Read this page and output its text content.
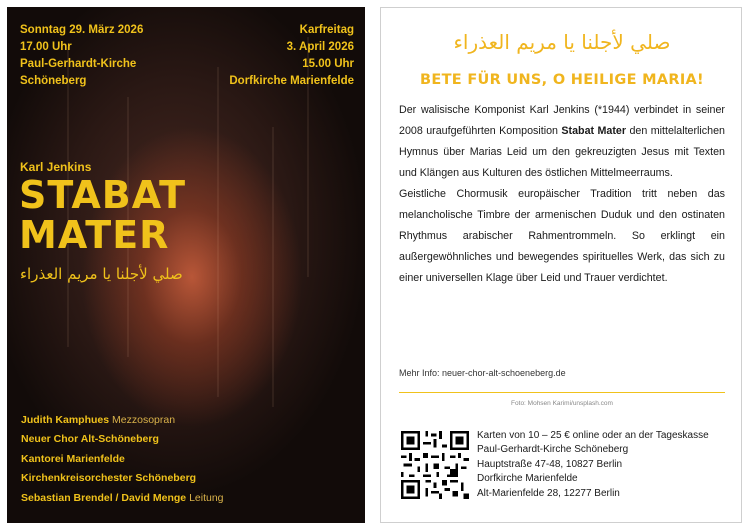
Sonntag 29. März 2026
17.00 Uhr
Paul-Gerhardt-Kirche
Schöneberg
Karfreitag
3. April 2026
15.00 Uhr
Dorfkirche Marienfelde
Karl Jenkins
STABAT
MATER
صلي لأجلنا يا مريم العذراء
Judith Kamphues Mezzosopran
Neuer Chor Alt-Schöneberg
Kantorei Marienfelde
Kirchenkreisorchester Schöneberg
Sebastian Brendel / David Menge Leitung
صلي لأجلنا يا مريم العذراء
BETE FÜR UNS, O HEILIGE MARIA!

Der walisische Komponist Karl Jenkins (*1944) verbindet in seiner 2008 uraufgeführten Komposition Stabat Mater den mittelalterlichen Hymnus über Marias Leid um den gekreuzigten Jesus mit Texten und Klängen aus Kulturen des östlichen Mittelmeerraums.

Geistliche Chormusik europäischer Tradition tritt neben das melancholische Timbre der armenischen Duduk und den ostinaten Rhythmus arabischer Rahmentrommeln. So erklingt ein außergewöhnliches und bewegendes spirituelles Werk, das sich zu einer universellen Klage über Leid und Trauer verdichtet.

Mehr Info: neuer-chor-alt-schoeneberg.de
Foto: Mohsen Karimi/unsplash.com
Karten von 10 – 25 € online oder an der Tageskasse
Paul-Gerhardt-Kirche Schöneberg
Hauptstraße 47-48, 10827 Berlin
Dorfkirche Marienfelde
Alt-Marienfelde 28, 12277 Berlin
